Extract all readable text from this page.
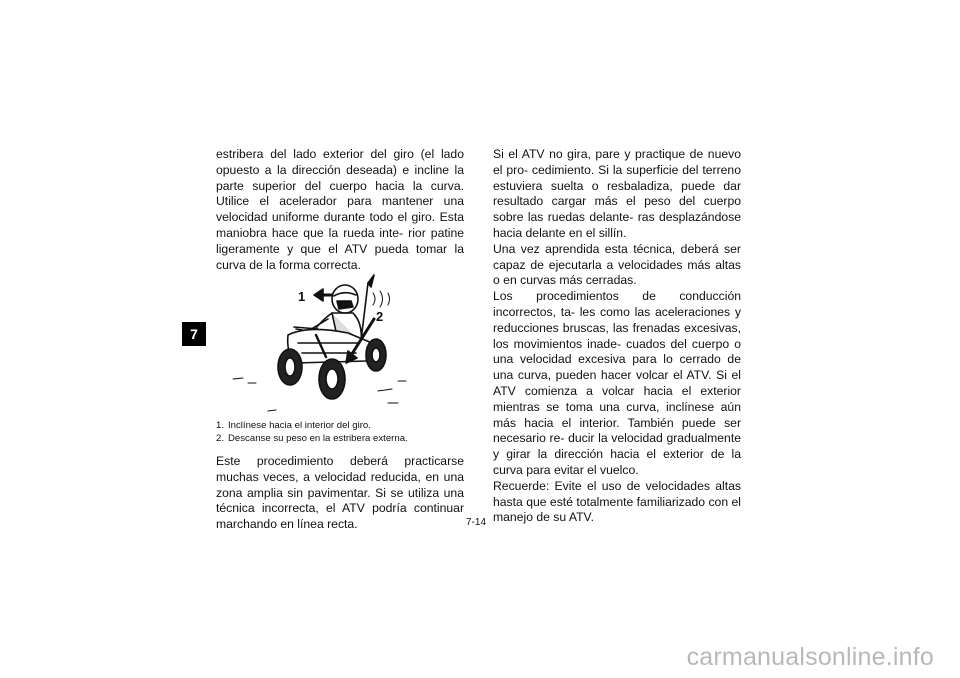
7

estribera del lado exterior del giro (el lado opuesto a la dirección deseada) e incline la parte superior del cuerpo hacia la curva. Utilice el acelerador para mantener una velocidad uniforme durante todo el giro. Esta maniobra hace que la rueda inte- rior patine ligeramente y que el ATV pueda tomar la curva de la forma correcta.

1
2
1. Inclínese hacia el interior del giro.
2. Descanse su peso en la estribera externa.

Este procedimiento deberá practicarse muchas veces, a velocidad reducida, en una zona amplia sin pavimentar. Si se utiliza una técnica incorrecta, el ATV podría continuar marchando en línea recta.

Si el ATV no gira, pare y practique de nuevo el pro- cedimiento. Si la superficie del terreno estuviera suelta o resbaladiza, puede dar resultado cargar más el peso del cuerpo sobre las ruedas delante- ras desplazándose hacia delante en el sillín.

Una vez aprendida esta técnica, deberá ser capaz de ejecutarla a velocidades más altas o en curvas más cerradas.

Los procedimientos de conducción incorrectos, ta- les como las aceleraciones y reducciones bruscas, las frenadas excesivas, los movimientos inade- cuados del cuerpo o una velocidad excesiva para lo cerrado de una curva, pueden hacer volcar el ATV. Si el ATV comienza a volcar hacia el exterior mientras se toma una curva, inclínese aún más hacia el interior. También puede ser necesario re- ducir la velocidad gradualmente y girar la dirección hacia el exterior de la curva para evitar el vuelco.

Recuerde: Evite el uso de velocidades altas hasta que esté totalmente familiarizado con el manejo de su ATV.

7-14
carmanualsonline.info
